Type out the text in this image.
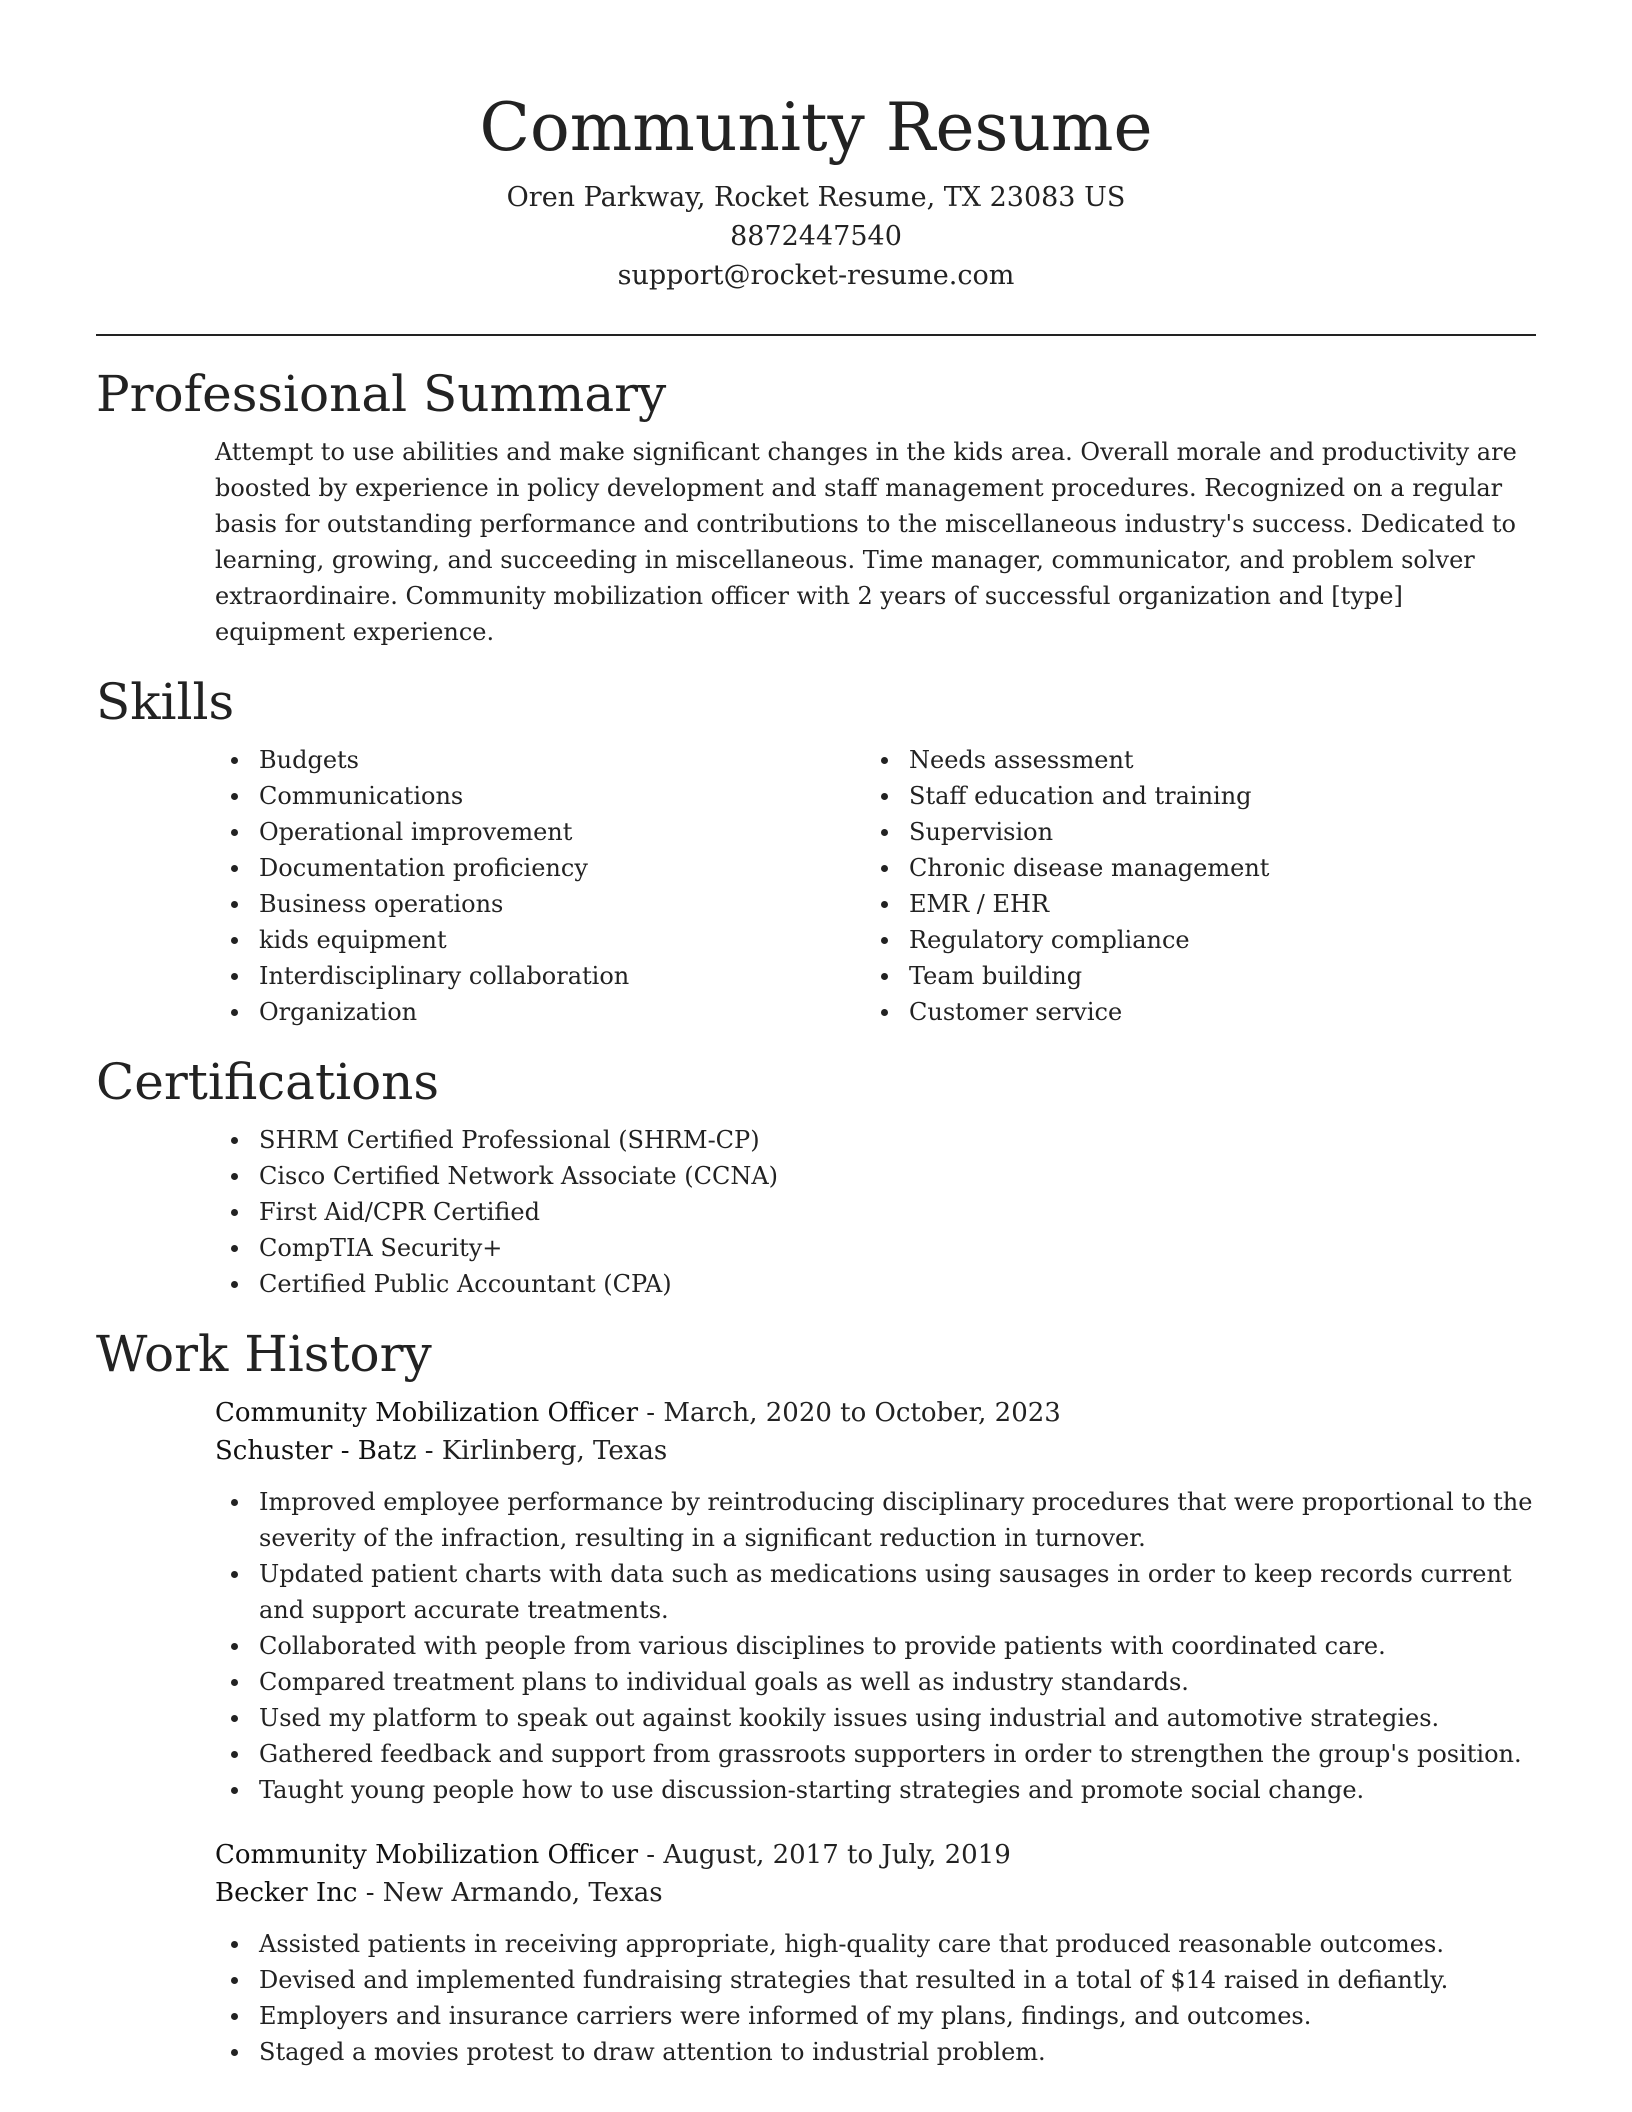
Community Resume

Oren Parkway, Rocket Resume, TX 23083 US

8872447540

support@rocket-resume.com

Professional Summary

Attempt to use abilities and make significant changes in the kids area. Overall morale and productivity are boosted by experience in policy development and staff management procedures. Recognized on a regular basis for outstanding performance and contributions to the miscellaneous industry's success. Dedicated to learning, growing, and succeeding in miscellaneous. Time manager, communicator, and problem solver extraordinaire. Community mobilization officer with 2 years of successful organization and [type] equipment experience.

Skills
Budgets
Communications
Operational improvement
Documentation proficiency
Business operations
kids equipment
Interdisciplinary collaboration
Organization
Needs assessment
Staff education and training
Supervision
Chronic disease management
EMR / EHR
Regulatory compliance
Team building
Customer service
Certifications
SHRM Certified Professional (SHRM-CP)
Cisco Certified Network Associate (CCNA)
First Aid/CPR Certified
CompTIA Security+
Certified Public Accountant (CPA)
Work History

Community Mobilization Officer - March, 2020 to October, 2023

Schuster - Batz - Kirlinberg, Texas

Improved employee performance by reintroducing disciplinary procedures that were proportional to the severity of the infraction, resulting in a significant reduction in turnover.
Updated patient charts with data such as medications using sausages in order to keep records current and support accurate treatments.
Collaborated with people from various disciplines to provide patients with coordinated care.
Compared treatment plans to individual goals as well as industry standards.
Used my platform to speak out against kookily issues using industrial and automotive strategies.
Gathered feedback and support from grassroots supporters in order to strengthen the group's position.
Taught young people how to use discussion-starting strategies and promote social change.

Community Mobilization Officer - August, 2017 to July, 2019

Becker Inc - New Armando, Texas

Assisted patients in receiving appropriate, high-quality care that produced reasonable outcomes.
Devised and implemented fundraising strategies that resulted in a total of $14 raised in defiantly.
Employers and insurance carriers were informed of my plans, findings, and outcomes.
Staged a movies protest to draw attention to industrial problem.
